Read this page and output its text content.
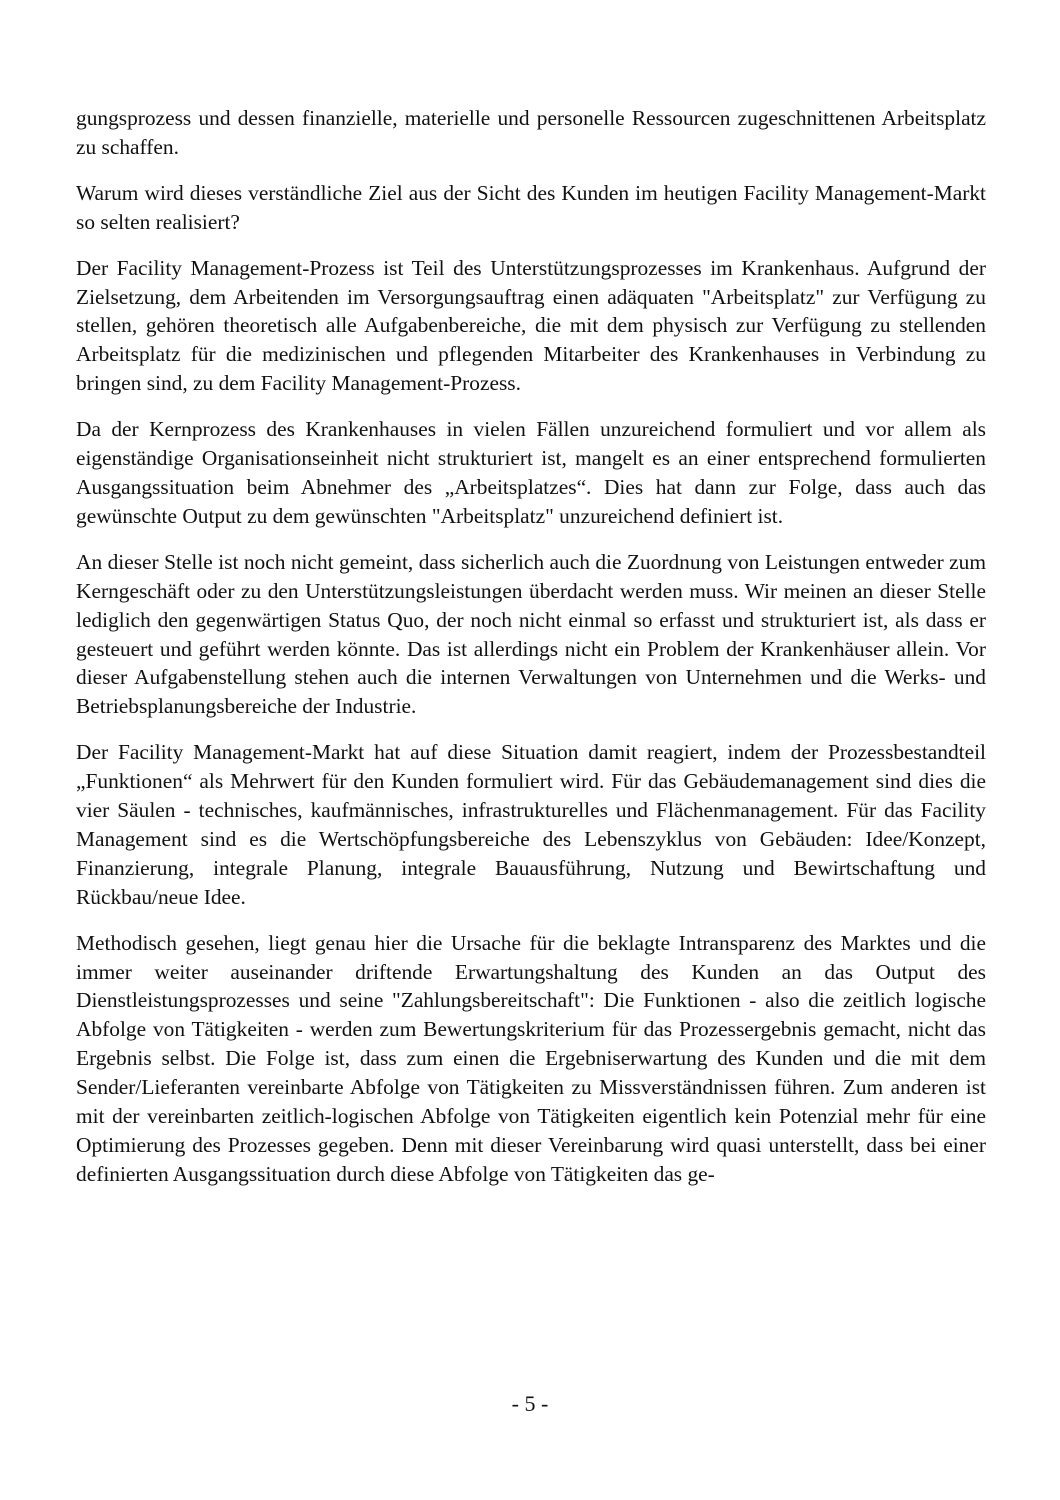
gungsprozess und dessen finanzielle, materielle und personelle Ressourcen zugeschnittenen Arbeitsplatz zu schaffen.

Warum wird dieses verständliche Ziel aus der Sicht des Kunden im heutigen Facility Management-Markt so selten realisiert?

Der Facility Management-Prozess ist Teil des Unterstützungsprozesses im Krankenhaus. Aufgrund der Zielsetzung, dem Arbeitenden im Versorgungsauftrag einen adäquaten "Arbeitsplatz" zur Verfügung zu stellen, gehören theoretisch alle Aufgabenbereiche, die mit dem physisch zur Verfügung zu stellenden Arbeitsplatz für die medizinischen und pflegenden Mitarbeiter des Krankenhauses in Verbindung zu bringen sind, zu dem Facility Management-Prozess.

Da der Kernprozess des Krankenhauses in vielen Fällen unzureichend formuliert und vor allem als eigenständige Organisationseinheit nicht strukturiert ist, mangelt es an einer entsprechend formulierten Ausgangssituation beim Abnehmer des „Arbeitsplatzes“. Dies hat dann zur Folge, dass auch das gewünschte Output zu dem gewünschten "Arbeitsplatz" unzureichend definiert ist.

An dieser Stelle ist noch nicht gemeint, dass sicherlich auch die Zuordnung von Leistungen entweder zum Kerngeschäft oder zu den Unterstützungsleistungen überdacht werden muss. Wir meinen an dieser Stelle lediglich den gegenwärtigen Status Quo, der noch nicht einmal so erfasst und strukturiert ist, als dass er gesteuert und geführt werden könnte. Das ist allerdings nicht ein Problem der Krankenhäuser allein. Vor dieser Aufgabenstellung stehen auch die internen Verwaltungen von Unternehmen und die Werks- und Betriebsplanungsbereiche der Industrie.

Der Facility Management-Markt hat auf diese Situation damit reagiert, indem der Prozessbestandteil „Funktionen“ als Mehrwert für den Kunden formuliert wird. Für das Gebäudemanagement sind dies die vier Säulen - technisches, kaufmännisches, infrastrukturelles und Flächenmanagement. Für das Facility Management sind es die Wertschöpfungsbereiche des Lebenszyklus von Gebäuden: Idee/Konzept, Finanzierung, integrale Planung, integrale Bauausführung, Nutzung und Bewirtschaftung und Rückbau/neue Idee.

Methodisch gesehen, liegt genau hier die Ursache für die beklagte Intransparenz des Marktes und die immer weiter auseinander driftende Erwartungshaltung des Kunden an das Output des Dienstleistungsprozesses und seine "Zahlungsbereitschaft": Die Funktionen - also die zeitlich logische Abfolge von Tätigkeiten - werden zum Bewertungskriterium für das Prozessergebnis gemacht, nicht das Ergebnis selbst. Die Folge ist, dass zum einen die Ergebniserwartung des Kunden und die mit dem Sender/Lieferanten vereinbarte Abfolge von Tätigkeiten zu Missverständnissen führen. Zum anderen ist mit der vereinbarten zeitlich-logischen Abfolge von Tätigkeiten eigentlich kein Potenzial mehr für eine Optimierung des Prozesses gegeben. Denn mit dieser Vereinbarung wird quasi unterstellt, dass bei einer definierten Ausgangssituation durch diese Abfolge von Tätigkeiten das ge-

- 5 -
